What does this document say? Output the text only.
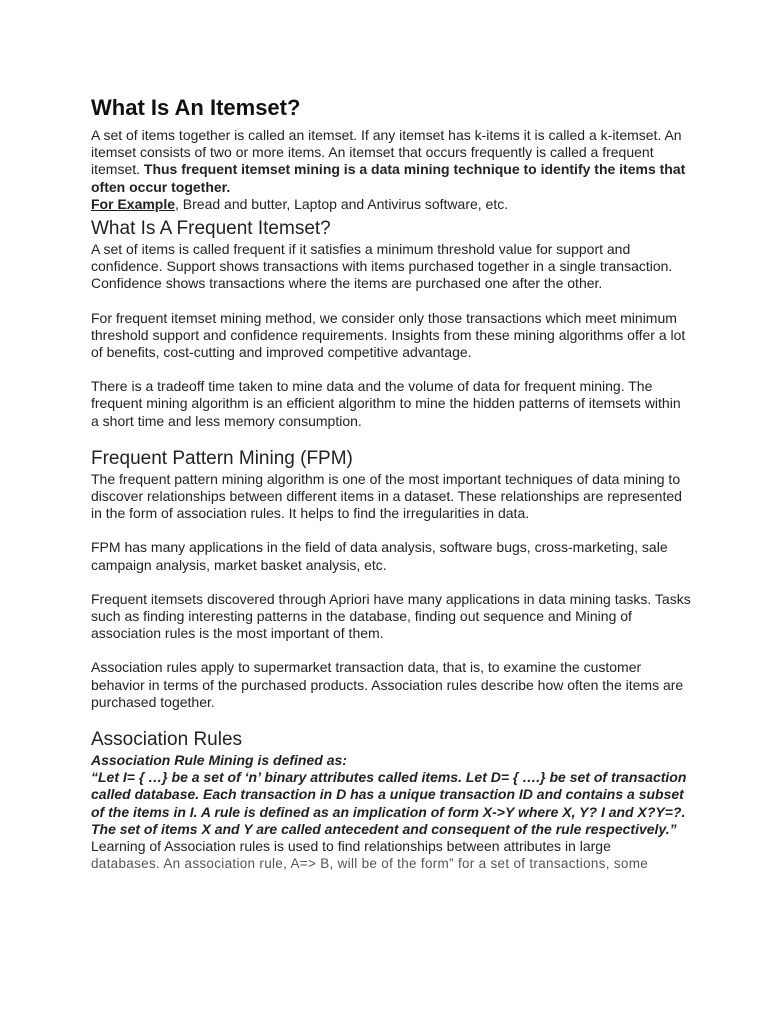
What Is An Itemset?

A set of items together is called an itemset. If any itemset has k-items it is called a k-itemset. An itemset consists of two or more items. An itemset that occurs frequently is called a frequent itemset. Thus frequent itemset mining is a data mining technique to identify the items that often occur together.

For Example, Bread and butter, Laptop and Antivirus software, etc.

What Is A Frequent Itemset?

A set of items is called frequent if it satisfies a minimum threshold value for support and confidence. Support shows transactions with items purchased together in a single transaction. Confidence shows transactions where the items are purchased one after the other.

For frequent itemset mining method, we consider only those transactions which meet minimum threshold support and confidence requirements. Insights from these mining algorithms offer a lot of benefits, cost-cutting and improved competitive advantage.

There is a tradeoff time taken to mine data and the volume of data for frequent mining. The frequent mining algorithm is an efficient algorithm to mine the hidden patterns of itemsets within a short time and less memory consumption.

Frequent Pattern Mining (FPM)

The frequent pattern mining algorithm is one of the most important techniques of data mining to discover relationships between different items in a dataset. These relationships are represented in the form of association rules. It helps to find the irregularities in data.

FPM has many applications in the field of data analysis, software bugs, cross-marketing, sale campaign analysis, market basket analysis, etc.

Frequent itemsets discovered through Apriori have many applications in data mining tasks. Tasks such as finding interesting patterns in the database, finding out sequence and Mining of association rules is the most important of them.

Association rules apply to supermarket transaction data, that is, to examine the customer behavior in terms of the purchased products. Association rules describe how often the items are purchased together.

Association Rules

Association Rule Mining is defined as:

“Let I= { …} be a set of ‘n’ binary attributes called items. Let D= { ….} be set of transaction called database. Each transaction in D has a unique transaction ID and contains a subset of the items in I. A rule is defined as an implication of form X->Y where X, Y? I and X?Y=?. The set of items X and Y are called antecedent and consequent of the rule respectively.”

Learning of Association rules is used to find relationships between attributes in large

databases. An association rule, A=> B, will be of the form” for a set of transactions, some
